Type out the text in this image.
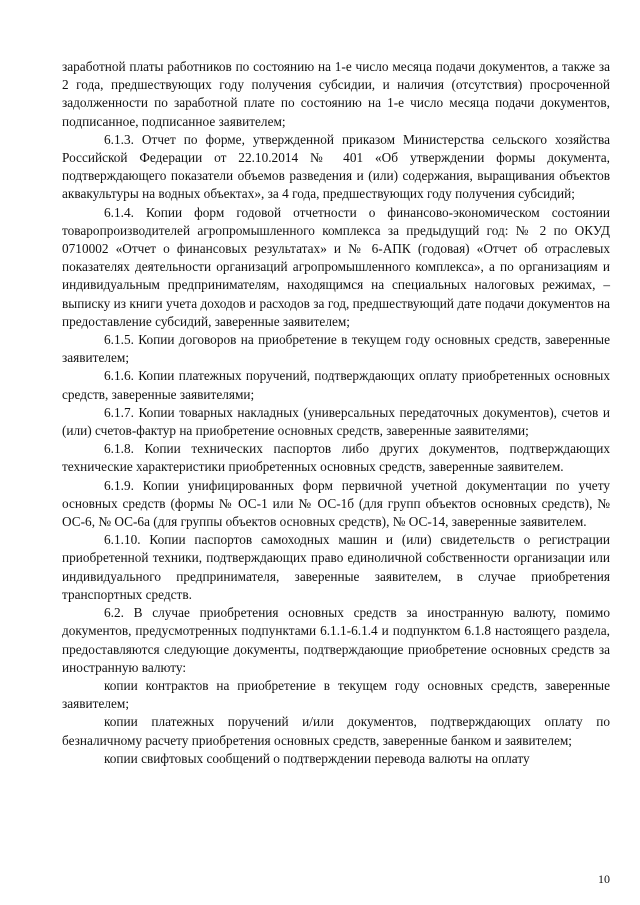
заработной платы работников по состоянию на 1-е число месяца подачи документов, а также за 2 года, предшествующих году получения субсидии, и наличия (отсутствия) просроченной задолженности по заработной плате по состоянию на 1-е число месяца подачи документов, подписанное, подписанное заявителем;

6.1.3. Отчет по форме, утвержденной приказом Министерства сельского хозяйства Российской Федерации от 22.10.2014 № 401 «Об утверждении формы документа, подтверждающего показатели объемов разведения и (или) содержания, выращивания объектов аквакультуры на водных объектах», за 4 года, предшествующих году получения субсидий;

6.1.4. Копии форм годовой отчетности о финансово-экономическом состоянии товаропроизводителей агропромышленного комплекса за предыдущий год: № 2 по ОКУД 0710002 «Отчет о финансовых результатах» и № 6-АПК (годовая) «Отчет об отраслевых показателях деятельности организаций агропромышленного комплекса», а по организациям и индивидуальным предпринимателям, находящимся на специальных налоговых режимах, – выписку из книги учета доходов и расходов за год, предшествующий дате подачи документов на предоставление субсидий, заверенные заявителем;

6.1.5. Копии договоров на приобретение в текущем году основных средств, заверенные заявителем;

6.1.6. Копии платежных поручений, подтверждающих оплату приобретенных основных средств, заверенные заявителями;

6.1.7. Копии товарных накладных (универсальных передаточных документов), счетов и (или) счетов-фактур на приобретение основных средств, заверенные заявителями;

6.1.8. Копии технических паспортов либо других документов, подтверждающих технические характеристики приобретенных основных средств, заверенные заявителем.

6.1.9. Копии унифицированных форм первичной учетной документации по учету основных средств (формы № ОС-1 или № ОС-1б (для групп объектов основных средств), № ОС-6, № ОС-6а (для группы объектов основных средств), № ОС-14, заверенные заявителем.

6.1.10. Копии паспортов самоходных машин и (или) свидетельств о регистрации приобретенной техники, подтверждающих право единоличной собственности организации или индивидуального предпринимателя, заверенные заявителем, в случае приобретения транспортных средств.

6.2. В случае приобретения основных средств за иностранную валюту, помимо документов, предусмотренных подпунктами 6.1.1-6.1.4 и подпунктом 6.1.8 настоящего раздела, предоставляются следующие документы, подтверждающие приобретение основных средств за иностранную валюту:

копии контрактов на приобретение в текущем году основных средств, заверенные заявителем;

копии платежных поручений и/или документов, подтверждающих оплату по безналичному расчету приобретения основных средств, заверенные банком и заявителем;

копии свифтовых сообщений о подтверждении перевода валюты на оплату

10
